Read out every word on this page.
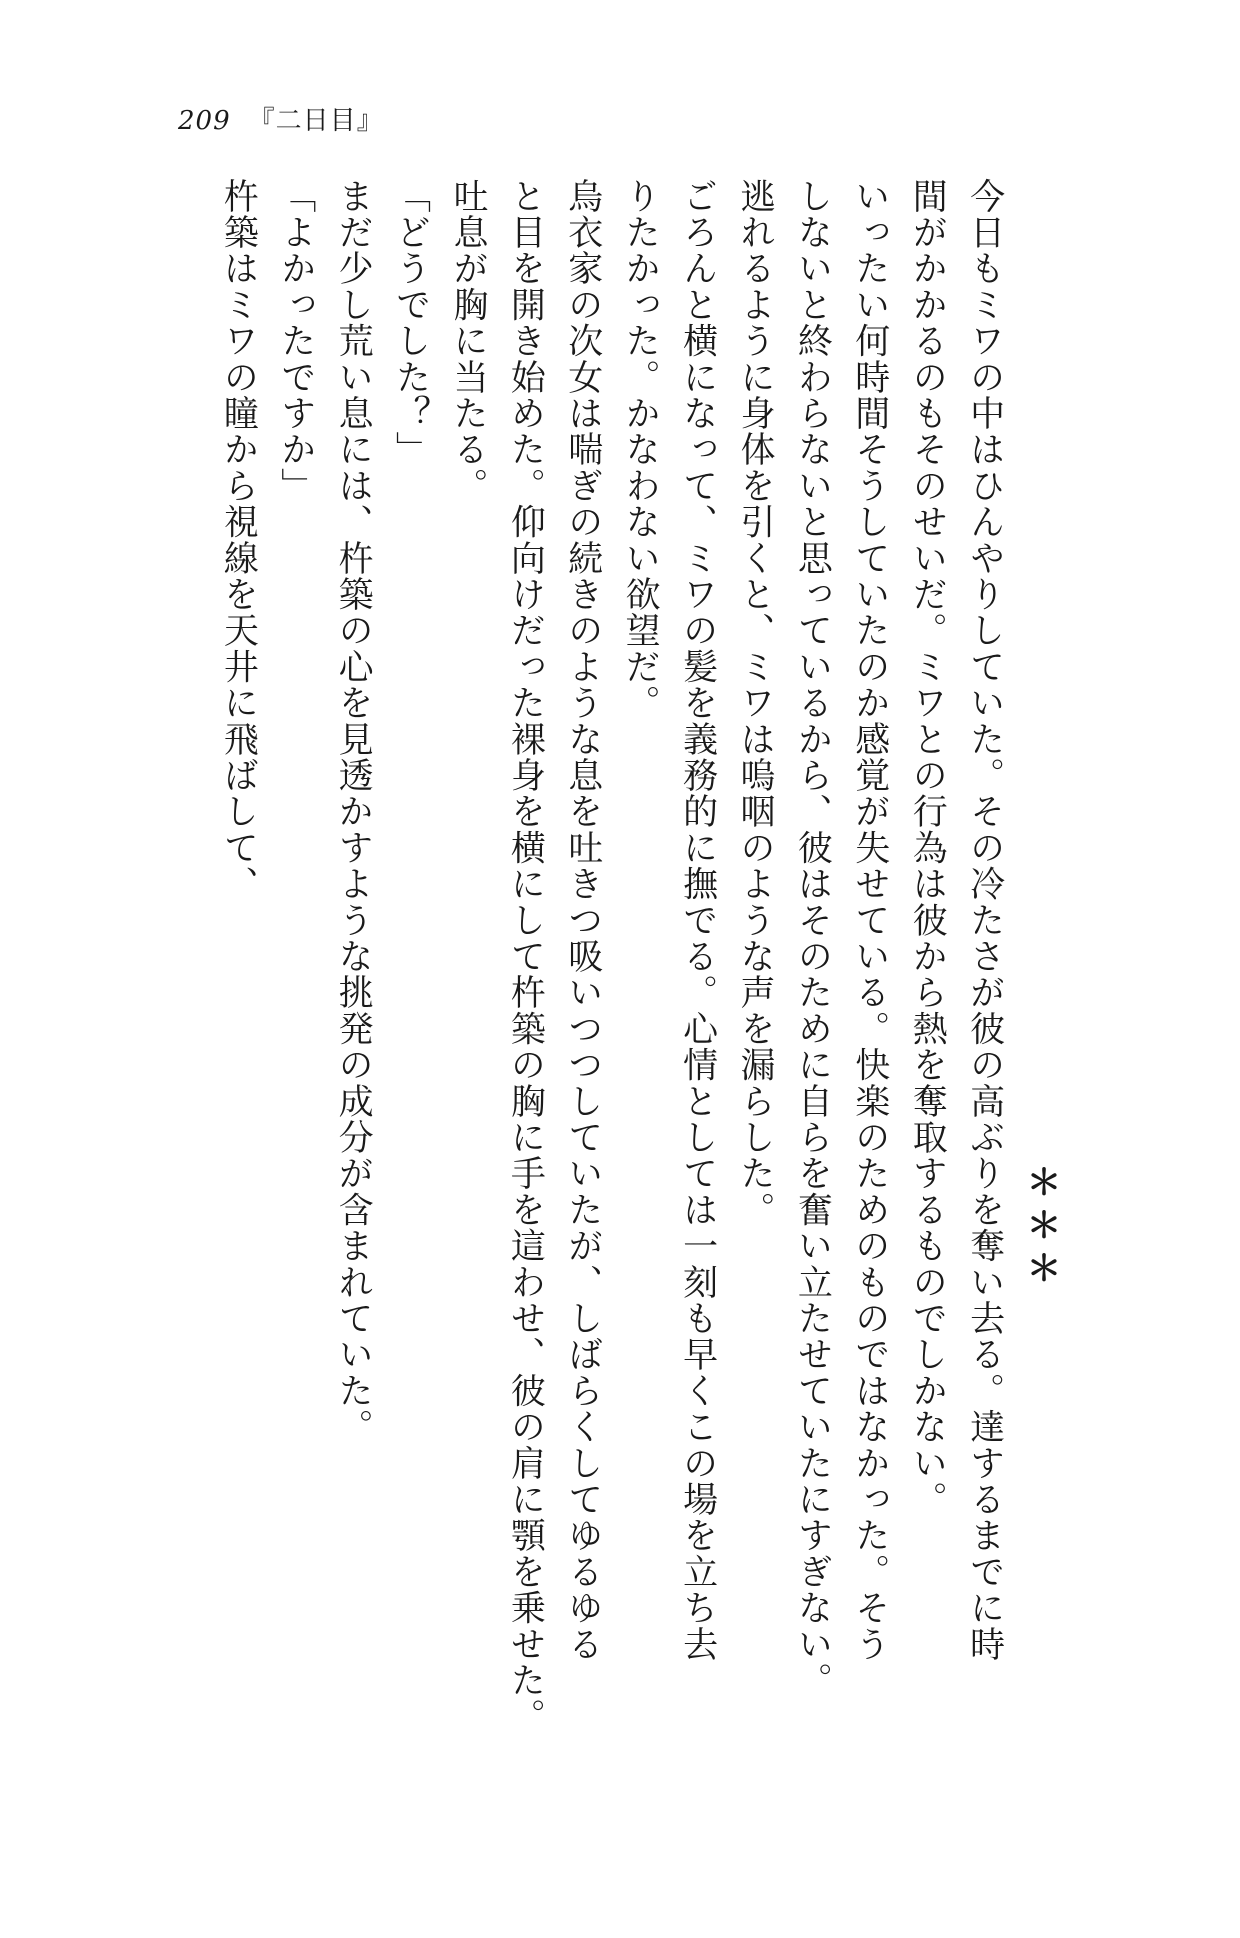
209 『二日目』
＊＊＊
今日もミワの中はひんやりしていた。その冷たさが彼の高ぶりを奪い去る。達するまでに時
間がかかるのもそのせいだ。ミワとの行為は彼から熱を奪取するものでしかない。
いったい何時間そうしていたのか感覚が失せている。快楽のためのものではなかった。そう
しないと終わらないと思っているから、彼はそのために自らを奮い立たせていたにすぎない。
逃れるように身体を引くと、ミワは嗚咽のような声を漏らした。
ごろんと横になって、ミワの髪を義務的に撫でる。心情としては一刻も早くこの場を立ち去
りたかった。かなわない欲望だ。
烏衣家の次女は喘ぎの続きのような息を吐きつ吸いつつしていたが、しばらくしてゆるゆる
と目を開き始めた。仰向けだった裸身を横にして杵築の胸に手を這わせ、彼の肩に顎を乗せた。
吐息が胸に当たる。
「どうでした？」
まだ少し荒い息には、杵築の心を見透かすような挑発の成分が含まれていた。
「よかったですか」
杵築はミワの瞳から視線を天井に飛ばして、
